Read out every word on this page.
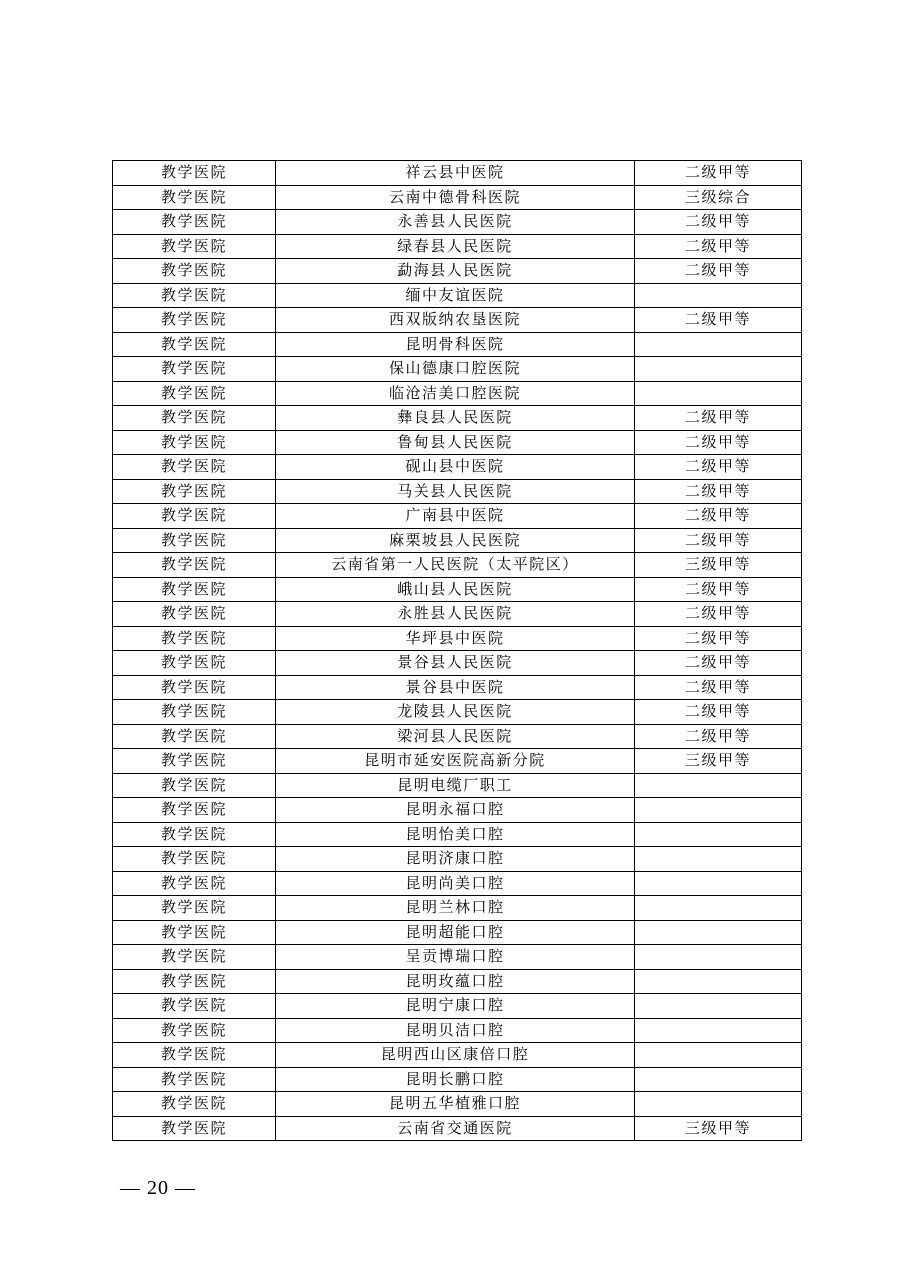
教学医院	祥云县中医院	二级甲等
教学医院	云南中德骨科医院	三级综合
教学医院	永善县人民医院	二级甲等
教学医院	绿春县人民医院	二级甲等
教学医院	勐海县人民医院	二级甲等
教学医院	缅中友谊医院	
教学医院	西双版纳农垦医院	二级甲等
教学医院	昆明骨科医院	
教学医院	保山德康口腔医院	
教学医院	临沧洁美口腔医院	
教学医院	彝良县人民医院	二级甲等
教学医院	鲁甸县人民医院	二级甲等
教学医院	砚山县中医院	二级甲等
教学医院	马关县人民医院	二级甲等
教学医院	广南县中医院	二级甲等
教学医院	麻栗坡县人民医院	二级甲等
教学医院	云南省第一人民医院（太平院区）	三级甲等
教学医院	峨山县人民医院	二级甲等
教学医院	永胜县人民医院	二级甲等
教学医院	华坪县中医院	二级甲等
教学医院	景谷县人民医院	二级甲等
教学医院	景谷县中医院	二级甲等
教学医院	龙陵县人民医院	二级甲等
教学医院	梁河县人民医院	二级甲等
教学医院	昆明市延安医院高新分院	三级甲等
教学医院	昆明电缆厂职工	
教学医院	昆明永福口腔	
教学医院	昆明怡美口腔	
教学医院	昆明济康口腔	
教学医院	昆明尚美口腔	
教学医院	昆明兰林口腔	
教学医院	昆明超能口腔	
教学医院	呈贡博瑞口腔	
教学医院	昆明玫蕴口腔	
教学医院	昆明宁康口腔	
教学医院	昆明贝洁口腔	
教学医院	昆明西山区康倍口腔	
教学医院	昆明长鹏口腔	
教学医院	昆明五华植雅口腔	
教学医院	云南省交通医院	三级甲等
— 20 —
